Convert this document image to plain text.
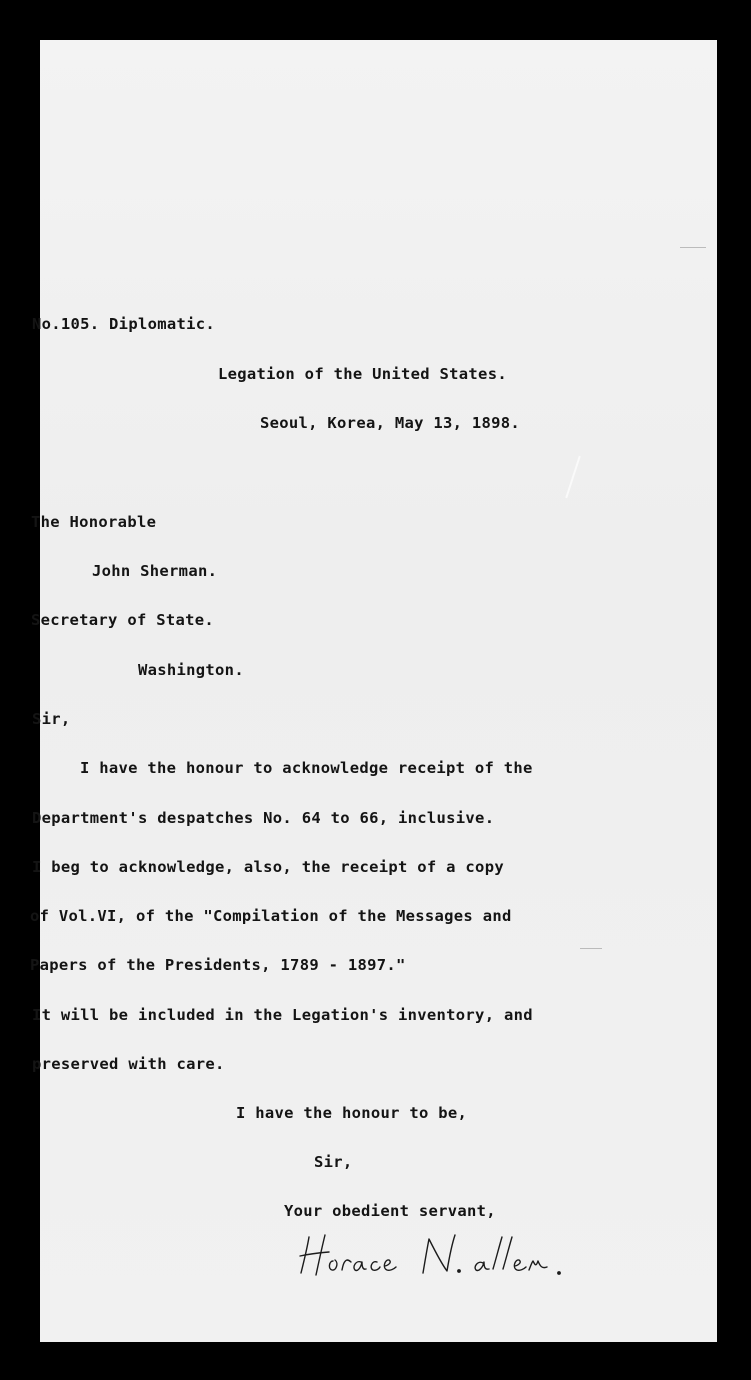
No.105. Diplomatic.
Legation of the United States.
Seoul, Korea, May 13, 1898.
The Honorable
John Sherman.
Secretary of State.
Washington.
Sir,
I have the honour to acknowledge receipt of the
Department's despatches No. 64 to 66, inclusive.
I beg to acknowledge, also, the receipt of a copy
of Vol.VI, of the "Compilation of the Messages and
Papers of the Presidents, 1789 - 1897."
It will be included in the Legation's inventory, and
preserved with care.
I have the honour to be,
Sir,
Your obedient servant,
